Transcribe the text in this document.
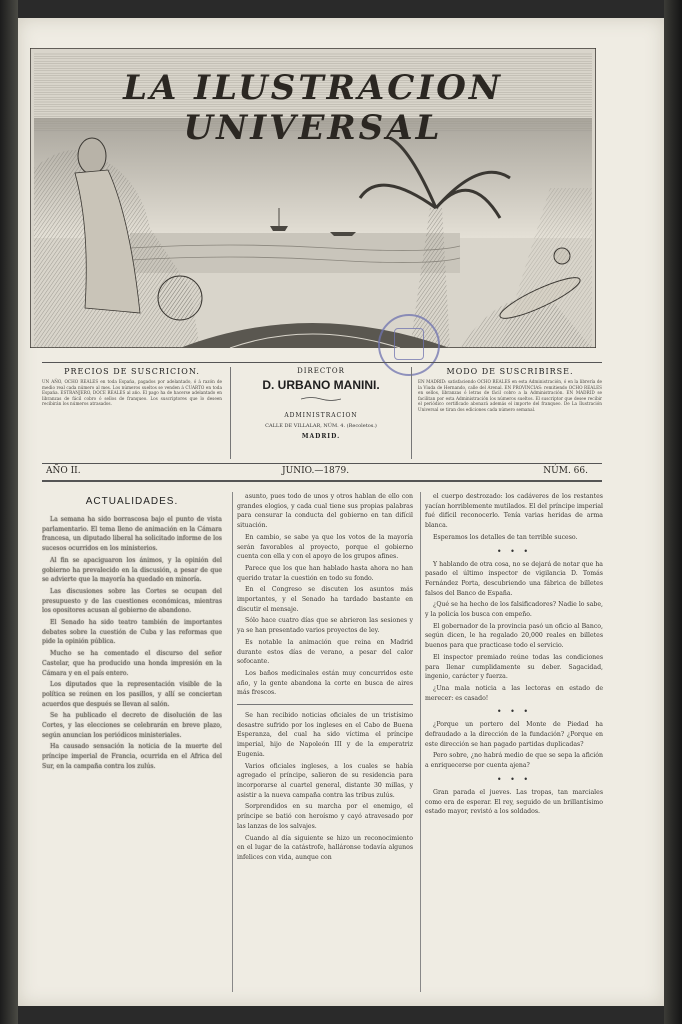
LA ILUSTRACION UNIVERSAL
PRECIOS DE SUSCRICION.
UN AÑO, OCHO REALES en toda España, pagados por adelantado, ó á razón de medio real cada número al mes. Los números sueltos se venden á CUARTO en toda España. ESTRANJERO, DOCE REALES al año. El pago ha de hacerse adelantado en libranzas de fácil cobro ó sellos de franqueo. Los suscriptores que lo deseen recibirán los números atrasados.
DIRECTOR
D. URBANO MANINI.
ADMINISTRACION
CALLE DE VILLALAR, NÚM. 4. (Recoletos.)
MADRID.
MODO DE SUSCRIBIRSE.
EN MADRID: satisfaciendo OCHO REALES en esta Administración, ó en la librería de la Viuda de Hernando, calle del Arenal. EN PROVINCIAS: remitiendo OCHO REALES en sellos, libranzas ó letras de fácil cobro a la Administración. EN MADRID se facilitan por esta Administración los números sueltos. El suscriptor que desee recibir el periódico certificado abonará además el importe del franqueo. De La Ilustración Universal se tiran dos ediciones cada número semanal.
AÑO II.	JUNIO.—1879.	NÚM. 66.
ACTUALIDADES.

La semana ha sido borrascosa bajo el punto de vista parlamentario. El tema lleno de animación en la Cámara francesa, un diputado liberal ha solicitado informe de los sucesos ocurridos en los ministerios.

Al fin se apaciguaron los ánimos, y la opinión del gobierno ha prevalecido en la discusión, a pesar de que se advierte que la mayoría ha quedado en minoría.

Las discusiones sobre las Cortes se ocupan del presupuesto y de las cuestiones económicas, mientras los opositores acusan al gobierno de abandono.

El Senado ha sido teatro también de importantes debates sobre la cuestión de Cuba y las reformas que pide la opinión pública.

Mucho se ha comentado el discurso del señor Castelar, que ha producido una honda impresión en la Cámara y en el país entero.

Los diputados que la representación visible de la política se reúnen en los pasillos, y allí se conciertan acuerdos que después se llevan al salón.

Se ha publicado el decreto de disolución de las Cortes, y las elecciones se celebrarán en breve plazo, según anuncian los periódicos ministeriales.

Ha causado sensación la noticia de la muerte del príncipe imperial de Francia, ocurrida en el Africa del Sur, en la campaña contra los zulús.

asunto, pues todo de unos y otros hablan de ello con grandes elogios, y cada cual tiene sus propias palabras para censurar la conducta del gobierno en tan difícil situación.

En cambio, se sabe ya que los votos de la mayoría serán favorables al proyecto, porque el gobierno cuenta con ella y con el apoyo de los grupos afines.

Parece que los que han hablado hasta ahora no han querido tratar la cuestión en todo su fondo.

En el Congreso se discuten los asuntos más importantes, y el Senado ha tardado bastante en discutir el mensaje.

Sólo hace cuatro días que se abrieron las sesiones y ya se han presentado varios proyectos de ley.

Es notable la animación que reina en Madrid durante estos días de verano, a pesar del calor sofocante.

Los baños medicinales están muy concurridos este año, y la gente abandona la corte en busca de aires más frescos.

Se han recibido noticias oficiales de un tristísimo desastre sufrido por los ingleses en el Cabo de Buena Esperanza, del cual ha sido víctima el príncipe imperial, hijo de Napoleón III y de la emperatriz Eugenia.

Varios oficiales ingleses, a los cuales se había agregado el príncipe, salieron de su residencia para incorporarse al cuartel general, distante 30 millas, y asistir a la nueva campaña contra las tribus zulús.

Sorprendidos en su marcha por el enemigo, el príncipe se batió con heroísmo y cayó atravesado por las lanzas de los salvajes.

Cuando al día siguiente se hizo un reconocimiento en el lugar de la catástrofe, halláronse todavía algunos infelices con vida, aunque con

el cuerpo destrozado: los cadáveres de los restantes yacían horriblemente mutilados. El del príncipe imperial fué difícil reconocerlo. Tenía varias heridas de arma blanca.

Esperamos los detalles de tan terrible suceso.

• • •

Y hablando de otra cosa, no se dejará de notar que ha pasado el último inspector de vigilancia D. Tomás Fernández Porta, descubriendo una fábrica de billetes falsos del Banco de España.

¿Qué se ha hecho de los falsificadores? Nadie lo sabe, y la policía los busca con empeño.

El gobernador de la provincia pasó un oficio al Banco, según dicen, le ha regalado 20,000 reales en billetes buenos para que practicase todo el servicio.

El inspector premiado reúne todas las condiciones para llenar cumplidamente su deber. Sagacidad, ingenio, carácter y fuerza.

¿Una mala noticia a las lectoras en estado de merecer: es casado!

• • •

¿Porque un portero del Monte de Piedad ha defraudado a la dirección de la fundación? ¿Porque en este dirección se han pagado partidas duplicadas?

Pero sobre, ¿no habrá medio de que se sepa la afición a enriquecerse por cuenta ajena?

• • •

Gran parada el jueves. Las tropas, tan marciales como era de esperar. El rey, seguido de un brillantísimo estado mayor, revistó a los soldados.
